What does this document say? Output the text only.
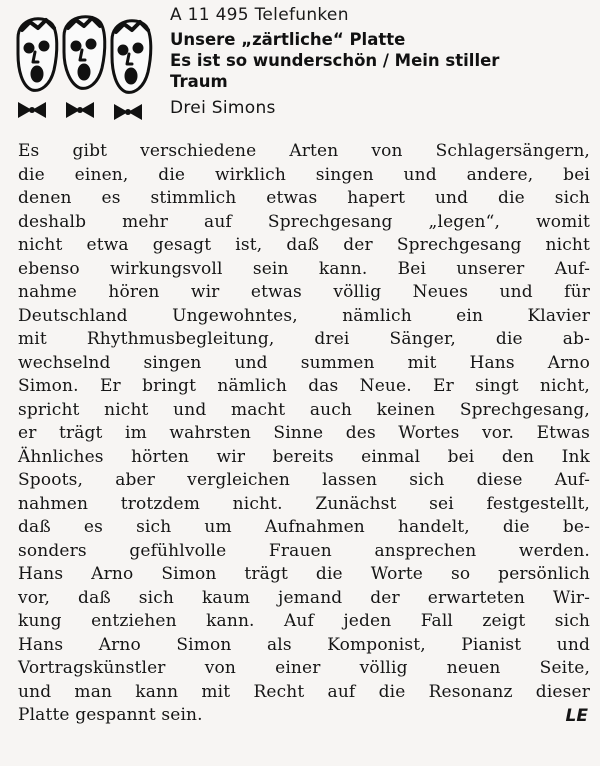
A 11 495 Telefunken
Unsere „zärtliche“ Platte
Es ist so wunderschön / Mein stiller
Traum
Drei Simons
Es gibt verschiedene Arten von Schlagersängern,
die einen, die wirklich singen und andere, bei
denen es stimmlich etwas hapert und die sich
deshalb mehr auf Sprechgesang „legen“, womit
nicht etwa gesagt ist, daß der Sprechgesang nicht
ebenso wirkungsvoll sein kann. Bei unserer Auf-
nahme hören wir etwas völlig Neues und für
Deutschland Ungewohntes, nämlich ein Klavier
mit Rhythmusbegleitung, drei Sänger, die ab-
wechselnd singen und summen mit Hans Arno
Simon. Er bringt nämlich das Neue. Er singt nicht,
spricht nicht und macht auch keinen Sprechgesang,
er trägt im wahrsten Sinne des Wortes vor. Etwas
Ähnliches hörten wir bereits einmal bei den Ink
Spoots, aber vergleichen lassen sich diese Auf-
nahmen trotzdem nicht. Zunächst sei festgestellt,
daß es sich um Aufnahmen handelt, die be-
sonders gefühlvolle Frauen ansprechen werden.
Hans Arno Simon trägt die Worte so persönlich
vor, daß sich kaum jemand der erwarteten Wir-
kung entziehen kann. Auf jeden Fall zeigt sich
Hans Arno Simon als Komponist, Pianist und
Vortragskünstler von einer völlig neuen Seite,
und man kann mit Recht auf die Resonanz dieser
Platte gespannt sein.	LE
